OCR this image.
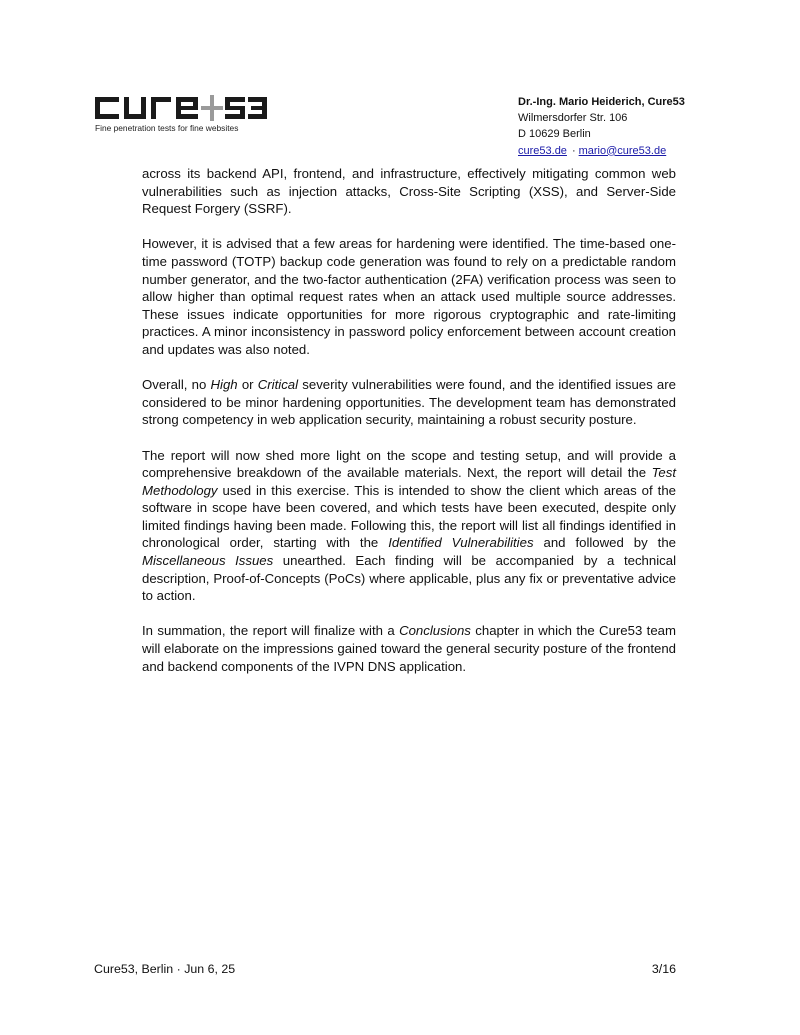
Fine penetration tests for fine websites
Dr.-Ing. Mario Heiderich, Cure53
Wilmersdorfer Str. 106
D 10629 Berlin
cure53.de · mario@cure53.de

across its backend API, frontend, and infrastructure, effectively mitigating common web vulnerabilities such as injection attacks, Cross-Site Scripting (XSS), and Server-Side Request Forgery (SSRF).

However, it is advised that a few areas for hardening were identified. The time-based one-time password (TOTP) backup code generation was found to rely on a predictable random number generator, and the two-factor authentication (2FA) verification process was seen to allow higher than optimal request rates when an attack used multiple source addresses. These issues indicate opportunities for more rigorous cryptographic and rate-limiting practices. A minor inconsistency in password policy enforcement between account creation and updates was also noted.

Overall, no High or Critical severity vulnerabilities were found, and the identified issues are considered to be minor hardening opportunities. The development team has demonstrated strong competency in web application security, maintaining a robust security posture.

The report will now shed more light on the scope and testing setup, and will provide a comprehensive breakdown of the available materials. Next, the report will detail the Test Methodology used in this exercise. This is intended to show the client which areas of the software in scope have been covered, and which tests have been executed, despite only limited findings having been made. Following this, the report will list all findings identified in chronological order, starting with the Identified Vulnerabilities and followed by the Miscellaneous Issues unearthed. Each finding will be accompanied by a technical description, Proof-of-Concepts (PoCs) where applicable, plus any fix or preventative advice to action.

In summation, the report will finalize with a Conclusions chapter in which the Cure53 team will elaborate on the impressions gained toward the general security posture of the frontend and backend components of the IVPN DNS application.

Cure53, Berlin · Jun 6, 25	3/16
